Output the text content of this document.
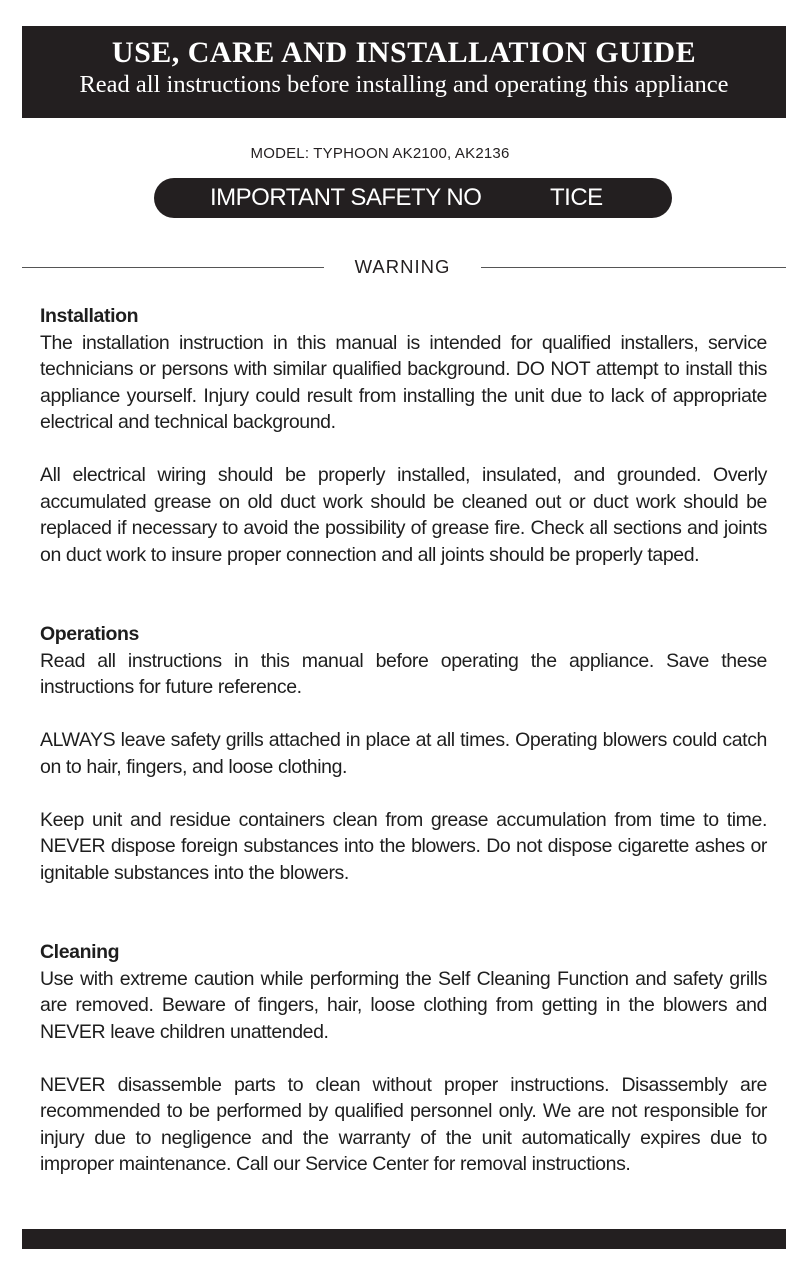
USE, CARE AND INSTALLATION GUIDE
Read all instructions before installing and operating this appliance
MODEL: TYPHOON AK2100, AK2136
IMPORTANT SAFETY NO	TICE
WARNING
Installation

The installation instruction in this manual is intended for qualified installers, service technicians or persons with similar qualified background. DO NOT attempt to install this appliance yourself. Injury could result from installing the unit due to lack of appropriate electrical and technical background.

All electrical wiring should be properly installed, insulated, and grounded. Overly accumulated grease on old duct work should be cleaned out or duct work should be replaced if necessary to avoid the possibility of grease fire. Check all sections and joints on duct work to insure proper connection and all joints should be properly taped.

Operations

Read all instructions in this manual before operating the appliance. Save these instructions for future reference.

ALWAYS leave safety grills attached in place at all times. Operating blowers could catch on to hair, fingers, and loose clothing.

Keep unit and residue containers clean from grease accumulation from time to time. NEVER dispose foreign substances into the blowers. Do not dispose cigarette ashes or ignitable substances into the blowers.

Cleaning

Use with extreme caution while performing the Self Cleaning Function and safety grills are removed. Beware of fingers, hair, loose clothing from getting in the blowers and NEVER leave children unattended.

NEVER disassemble parts to clean without proper instructions. Disassembly are recommended to be performed by qualified personnel only. We are not responsible for injury due to negligence and the warranty of the unit automatically expires due to improper maintenance. Call our Service Center for removal instructions.
